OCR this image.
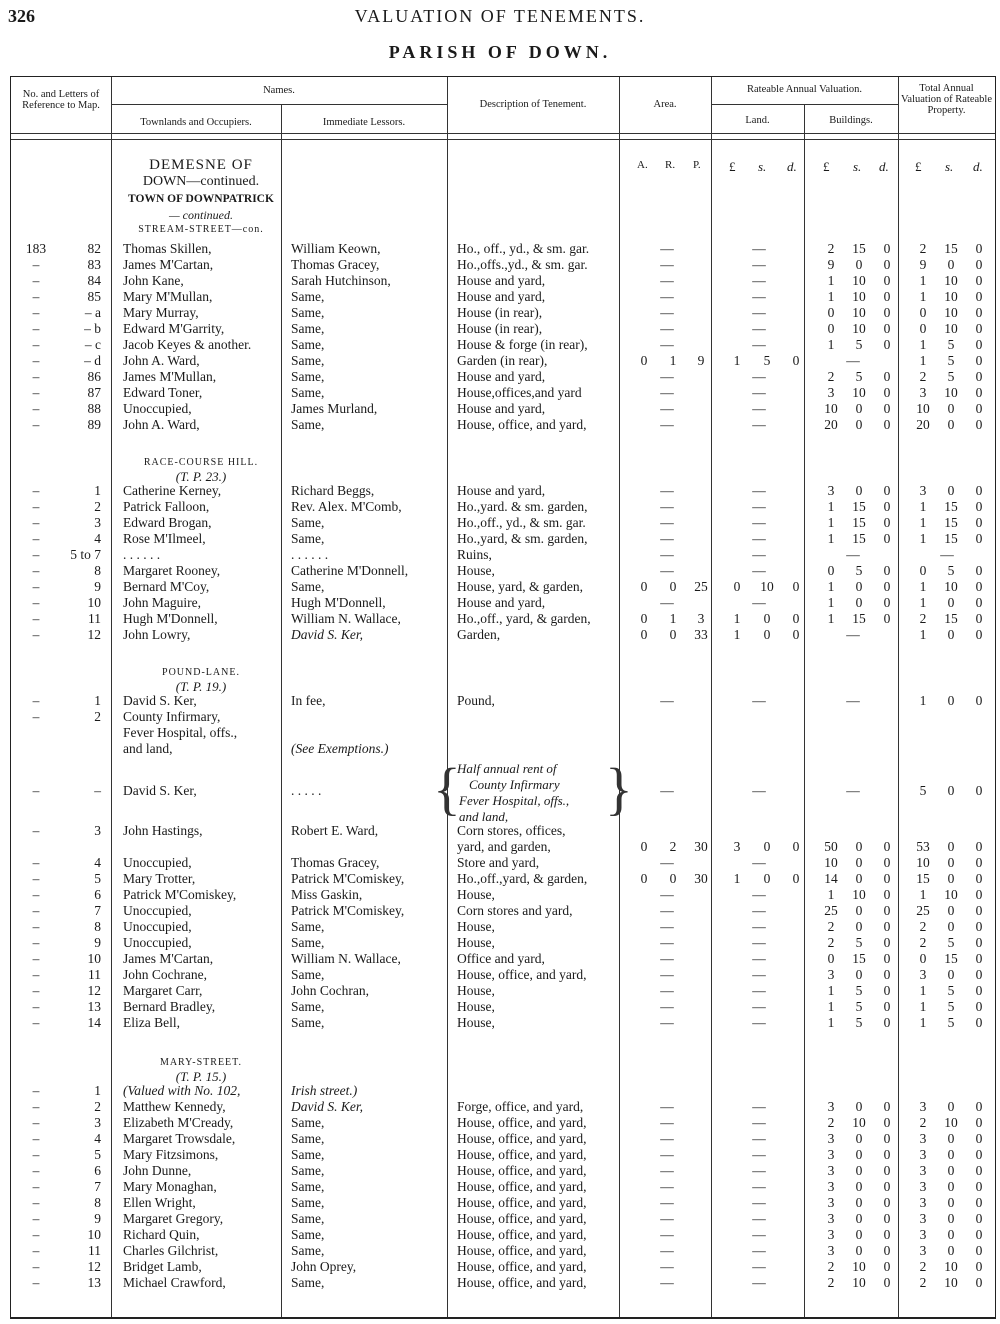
326	VALUATION OF TENEMENTS.
PARISH OF DOWN.
No. and Letters of Reference to Map.
Names.
Townlands and Occupiers.	Immediate Lessors.
Description of Tenement.	Area.
Rateable Annual Valuation.
Land.	Buildings.
Total Annual Valuation of Rateable Property.
A. R. P. £ s. d. £ s. d. £ s. d.
DEMESNE OF
DOWN—continued.
TOWN OF DOWNPATRICK
— continued.
STREAM-STREET—con.
RACE-COURSE HILL.
(T. P. 23.)
POUND-LANE.
(T. P. 19.)
MARY-STREET.
(T. P. 15.)
{ }
Half annual rent of
County Infirmary
Fever Hospital, offs.,
and land,
183	82 Thomas Skillen,	William Keown,	Ho., off., yd., & sm. gar.	—	—	2	15	0	2	15	0
–	83 James M'Cartan,	Thomas Gracey,	Ho.,offs.,yd., & sm. gar.	—	—	9	0	0	9	0	0
–	84 John Kane,	Sarah Hutchinson,	House and yard,	—	—	1	10	0	1	10	0
–	85 Mary M'Mullan,	Same,	House and yard,	—	—	1	10	0	1	10	0
–	– a Mary Murray,	Same,	House (in rear),	—	—	0	10	0	0	10	0
–	– b Edward M'Garrity,	Same,	House (in rear),	—	—	0	10	0	0	10	0
–	– c Jacob Keyes & another.	Same,	House & forge (in rear),	—	—	1	5	0	1	5	0
–	– d John A. Ward,	Same,	Garden (in rear),	0	1	9	1	5	0	—	1	5	0
–	86 James M'Mullan,	Same,	House and yard,	—	—	2	5	0	2	5	0
–	87 Edward Toner,	Same,	House,offices,and yard	—	—	3	10	0	3	10	0
–	88 Unoccupied,	James Murland,	House and yard,	—	—	10	0	0	10	0	0
–	89 John A. Ward,	Same,	House, office, and yard,	—	—	20	0	0	20	0	0
–	1 Catherine Kerney,	Richard Beggs,	House and yard,	—	—	3	0	0	3	0	0
–	2 Patrick Falloon,	Rev. Alex. M'Comb,	Ho.,yard. & sm. garden,	—	—	1	15	0	1	15	0
–	3 Edward Brogan,	Same,	Ho.,off., yd., & sm. gar.	—	—	1	15	0	1	15	0
–	4 Rose M'Ilmeel,	Same,	Ho.,yard, & sm. garden,	—	—	1	15	0	1	15	0
–	5 to 7 . . . . . .	. . . . . .	Ruins,	—	—	—	—
–	8 Margaret Rooney,	Catherine M'Donnell,	House,	—	—	0	5	0	0	5	0
–	9 Bernard M'Coy,	Same,	House, yard, & garden,	0	0	25	0	10	0	1	0	0	1	10	0
–	10 John Maguire,	Hugh M'Donnell,	House and yard,	—	—	1	0	0	1	0	0
–	11 Hugh M'Donnell,	William N. Wallace,	Ho.,off., yard, & garden,	0	1	3	1	0	0	1	15	0	2	15	0
–	12 John Lowry,	David S. Ker,	Garden,	0	0	33	1	0	0	—	1	0	0
–	1 David S. Ker,	In fee,	Pound,	—	—	—	1	0	0
–	2 County Infirmary,
Fever Hospital, offs.,
and land,	(See Exemptions.)
–	– David S. Ker,	. . . . .	—	—	—	5	0	0
–	3 John Hastings,	Robert E. Ward,	Corn stores, offices,
yard, and garden,	0	2	30	3	0	0	50	0	0	53	0	0
–	4 Unoccupied,	Thomas Gracey,	Store and yard,	—	—	10	0	0	10	0	0
–	5 Mary Trotter,	Patrick M'Comiskey,	Ho.,off.,yard, & garden,	0	0	30	1	0	0	14	0	0	15	0	0
–	6 Patrick M'Comiskey,	Miss Gaskin,	House,	—	—	1	10	0	1	10	0
–	7 Unoccupied,	Patrick M'Comiskey,	Corn stores and yard,	—	—	25	0	0	25	0	0
–	8 Unoccupied,	Same,	House,	—	—	2	0	0	2	0	0
–	9 Unoccupied,	Same,	House,	—	—	2	5	0	2	5	0
–	10 James M'Cartan,	William N. Wallace,	Office and yard,	—	—	0	15	0	0	15	0
–	11 John Cochrane,	Same,	House, office, and yard,	—	—	3	0	0	3	0	0
–	12 Margaret Carr,	John Cochran,	House,	—	—	1	5	0	1	5	0
–	13 Bernard Bradley,	Same,	House,	—	—	1	5	0	1	5	0
–	14 Eliza Bell,	Same,	House,	—	—	1	5	0	1	5	0
–	1 (Valued with No. 102,	Irish street.)
–	2 Matthew Kennedy,	David S. Ker,	Forge, office, and yard,	—	—	3	0	0	3	0	0
–	3 Elizabeth M'Cready,	Same,	House, office, and yard,	—	—	2	10	0	2	10	0
–	4 Margaret Trowsdale,	Same,	House, office, and yard,	—	—	3	0	0	3	0	0
–	5 Mary Fitzsimons,	Same,	House, office, and yard,	—	—	3	0	0	3	0	0
–	6 John Dunne,	Same,	House, office, and yard,	—	—	3	0	0	3	0	0
–	7 Mary Monaghan,	Same,	House, office, and yard,	—	—	3	0	0	3	0	0
–	8 Ellen Wright,	Same,	House, office, and yard,	—	—	3	0	0	3	0	0
–	9 Margaret Gregory,	Same,	House, office, and yard,	—	—	3	0	0	3	0	0
–	10 Richard Quin,	Same,	House, office, and yard,	—	—	3	0	0	3	0	0
–	11 Charles Gilchrist,	Same,	House, office, and yard,	—	—	3	0	0	3	0	0
–	12 Bridget Lamb,	John Oprey,	House, office, and yard,	—	—	2	10	0	2	10	0
–	13 Michael Crawford,	Same,	House, office, and yard,	—	—	2	10	0	2	10	0
